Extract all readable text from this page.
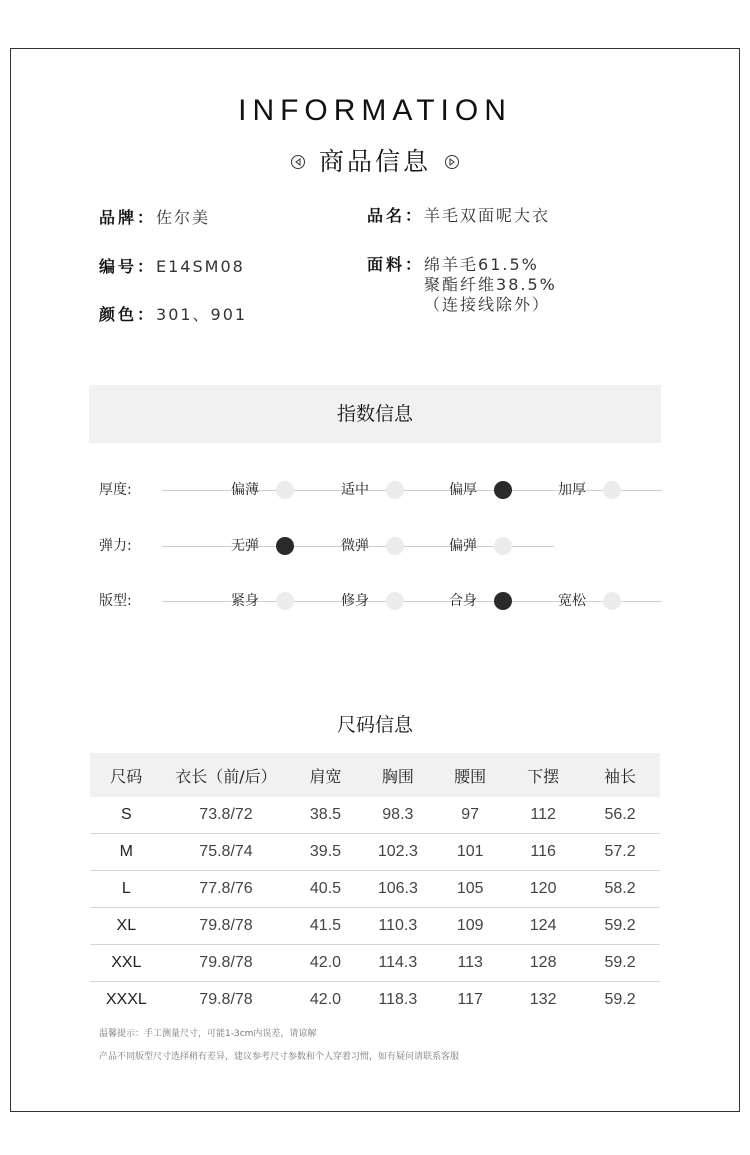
INFORMATION
商品信息
品牌：佐尔美	品名：羊毛双面呢大衣
编号：E14SM08	面料： 绵羊毛61.5%
聚酯纤维38.5%
（连接线除外）
颜色：301、901
指数信息
厚度:	偏薄	适中	偏厚	加厚
弹力:	无弹	微弹	偏弹
版型:	紧身	修身	合身	宽松
尺码信息
尺码	衣长（前/后）	肩宽	胸围	腰围	下摆	袖长
S	73.8/72	38.5	98.3	97	112	56.2
M	75.8/74	39.5	102.3	101	116	57.2
L	77.8/76	40.5	106.3	105	120	58.2
XL	79.8/78	41.5	110.3	109	124	59.2
XXL	79.8/78	42.0	114.3	113	128	59.2
XXXL	79.8/78	42.0	118.3	117	132	59.2
温馨提示：手工测量尺寸，可能1-3cm内误差，请谅解
产品不同版型尺寸选择稍有差异，建议参考尺寸参数和个人穿着习惯，如有疑问请联系客服
